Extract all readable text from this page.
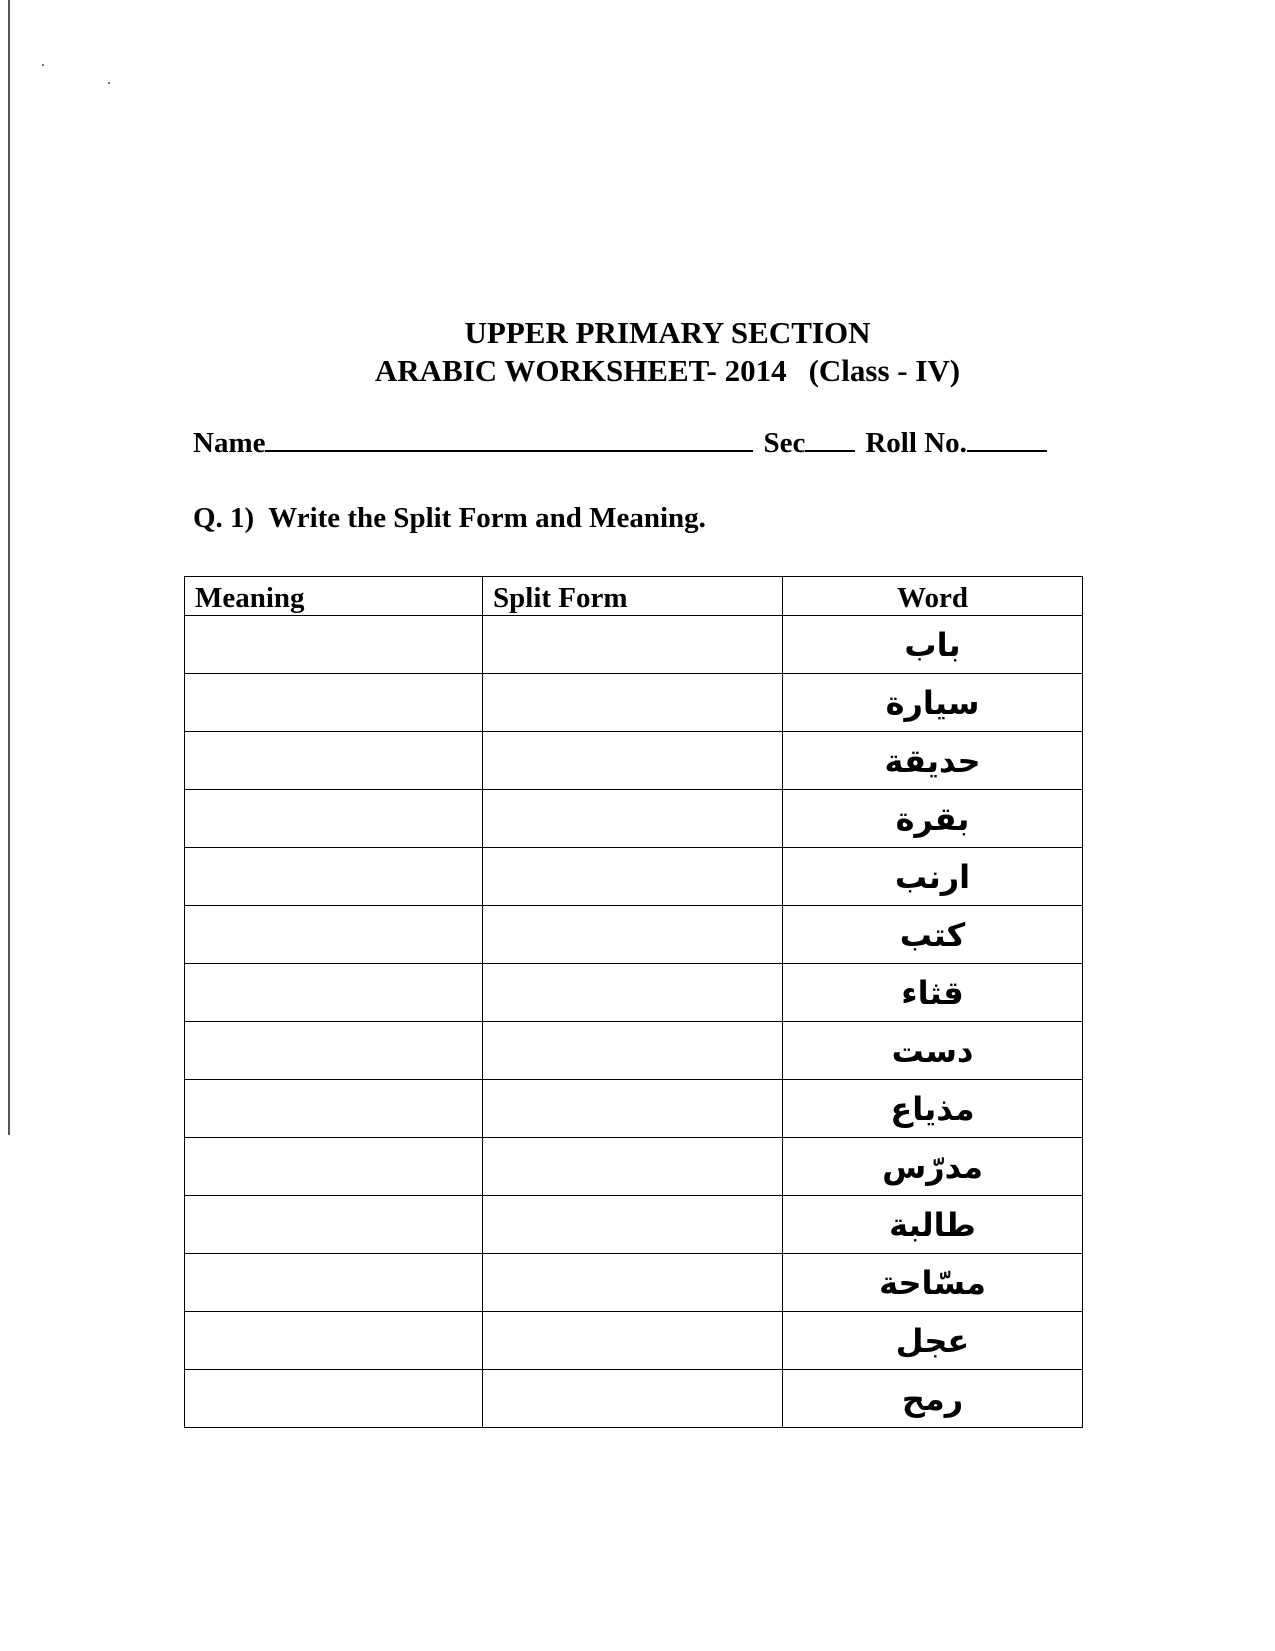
UPPER PRIMARY SECTION
ARABIC WORKSHEET- 2014 (Class - IV)
Name	Sec Roll No.
Q. 1) Write the Split Form and Meaning.
Meaning	Split Form	Word
		باب
		سيارة
		حديقة
		بقرة
		ارنب
		كتب
		قثاء
		دست
		مذياع
		مدرّس
		طالبة
		مسّاحة
		عجل
		رمح
